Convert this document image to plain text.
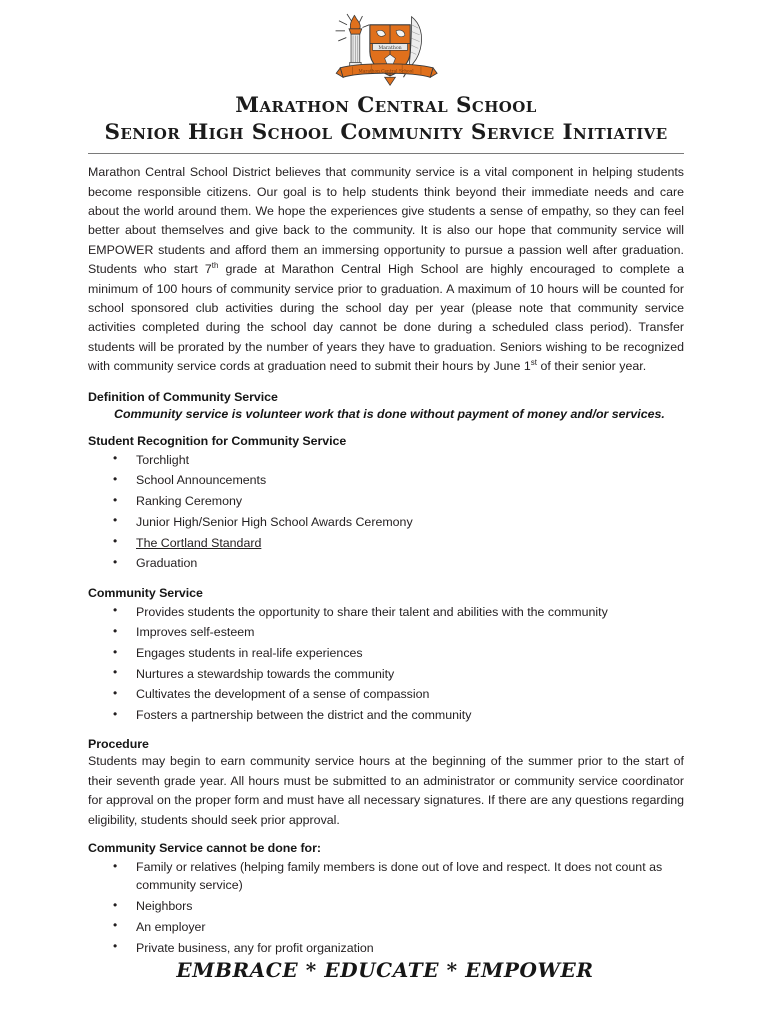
Marathon
Marathon Central School
Marathon Central School
Senior High School Community Service Initiative

Marathon Central School District believes that community service is a vital component in helping students become responsible citizens. Our goal is to help students think beyond their immediate needs and care about the world around them. We hope the experiences give students a sense of empathy, so they can feel better about themselves and give back to the community. It is also our hope that community service will EMPOWER students and afford them an immersing opportunity to pursue a passion well after graduation. Students who start 7th grade at Marathon Central High School are highly encouraged to complete a minimum of 100 hours of community service prior to graduation. A maximum of 10 hours will be counted for school sponsored club activities during the school day per year (please note that community service activities completed during the school day cannot be done during a scheduled class period). Transfer students will be prorated by the number of years they have to graduation. Seniors wishing to be recognized with community service cords at graduation need to submit their hours by June 1st of their senior year.

Definition of Community Service
Community service is volunteer work that is done without payment of money and/or services.
Student Recognition for Community Service
• Torchlight
• School Announcements
• Ranking Ceremony
• Junior High/Senior High School Awards Ceremony
• The Cortland Standard
• Graduation
Community Service
• Provides students the opportunity to share their talent and abilities with the community
• Improves self-esteem
• Engages students in real-life experiences
• Nurtures a stewardship towards the community
• Cultivates the development of a sense of compassion
• Fosters a partnership between the district and the community
Procedure

Students may begin to earn community service hours at the beginning of the summer prior to the start of their seventh grade year. All hours must be submitted to an administrator or community service coordinator for approval on the proper form and must have all necessary signatures. If there are any questions regarding eligibility, students should seek prior approval.

Community Service cannot be done for:
• Family or relatives (helping family members is done out of love and respect. It does not count as community service)
• Neighbors
• An employer
• Private business, any for profit organization
EMBRACE * EDUCATE * EMPOWER
